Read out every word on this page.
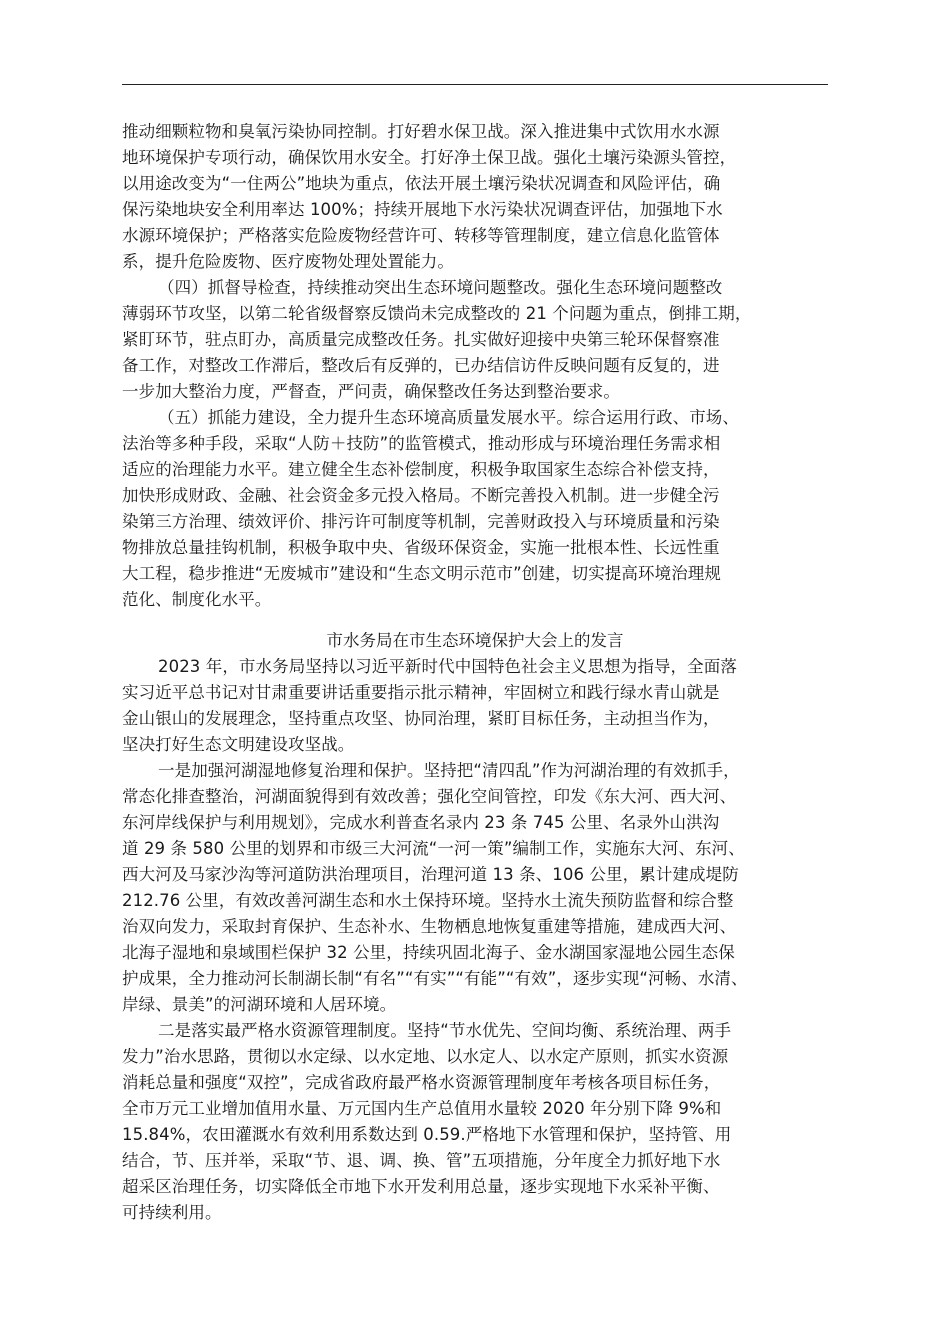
推动细颗粒物和臭氧污染协同控制。打好碧水保卫战。深入推进集中式饮用水水源
地环境保护专项行动，确保饮用水安全。打好净土保卫战。强化土壤污染源头管控，
以用途改变为“一住两公”地块为重点，依法开展土壤污染状况调查和风险评估，确
保污染地块安全利用率达 100%；持续开展地下水污染状况调查评估，加强地下水
水源环境保护；严格落实危险废物经营许可、转移等管理制度，建立信息化监管体
系，提升危险废物、医疗废物处理处置能力。
（四）抓督导检查，持续推动突出生态环境问题整改。强化生态环境问题整改
薄弱环节攻坚，以第二轮省级督察反馈尚未完成整改的 21 个问题为重点，倒排工期，
紧盯环节，驻点盯办，高质量完成整改任务。扎实做好迎接中央第三轮环保督察准
备工作，对整改工作滞后，整改后有反弹的，已办结信访件反映问题有反复的，进
一步加大整治力度，严督查，严问责，确保整改任务达到整治要求。
（五）抓能力建设，全力提升生态环境高质量发展水平。综合运用行政、市场、
法治等多种手段，采取“人防＋技防”的监管模式，推动形成与环境治理任务需求相
适应的治理能力水平。建立健全生态补偿制度，积极争取国家生态综合补偿支持，
加快形成财政、金融、社会资金多元投入格局。不断完善投入机制。进一步健全污
染第三方治理、绩效评价、排污许可制度等机制，完善财政投入与环境质量和污染
物排放总量挂钩机制，积极争取中央、省级环保资金，实施一批根本性、长远性重
大工程，稳步推进“无废城市”建设和“生态文明示范市”创建，切实提高环境治理规
范化、制度化水平。
市水务局在市生态环境保护大会上的发言
2023 年，市水务局坚持以习近平新时代中国特色社会主义思想为指导，全面落
实习近平总书记对甘肃重要讲话重要指示批示精神，牢固树立和践行绿水青山就是
金山银山的发展理念，坚持重点攻坚、协同治理，紧盯目标任务，主动担当作为，
坚决打好生态文明建设攻坚战。
一是加强河湖湿地修复治理和保护。坚持把“清四乱”作为河湖治理的有效抓手，
常态化排查整治，河湖面貌得到有效改善；强化空间管控，印发《东大河、西大河、
东河岸线保护与利用规划》，完成水利普查名录内 23 条 745 公里、名录外山洪沟
道 29 条 580 公里的划界和市级三大河流“一河一策”编制工作，实施东大河、东河、
西大河及马家沙沟等河道防洪治理项目，治理河道 13 条、106 公里，累计建成堤防
212.76 公里，有效改善河湖生态和水土保持环境。坚持水土流失预防监督和综合整
治双向发力，采取封育保护、生态补水、生物栖息地恢复重建等措施，建成西大河、
北海子湿地和泉域围栏保护 32 公里，持续巩固北海子、金水湖国家湿地公园生态保
护成果，全力推动河长制湖长制“有名”“有实”“有能”“有效”，逐步实现“河畅、水清、
岸绿、景美”的河湖环境和人居环境。
二是落实最严格水资源管理制度。坚持“节水优先、空间均衡、系统治理、两手
发力”治水思路，贯彻以水定绿、以水定地、以水定人、以水定产原则，抓实水资源
消耗总量和强度“双控”，完成省政府最严格水资源管理制度年考核各项目标任务，
全市万元工业增加值用水量、万元国内生产总值用水量较 2020 年分别下降 9%和
15.84%，农田灌溉水有效利用系数达到 0.59.严格地下水管理和保护，坚持管、用
结合，节、压并举，采取“节、退、调、换、管”五项措施，分年度全力抓好地下水
超采区治理任务，切实降低全市地下水开发利用总量，逐步实现地下水采补平衡、
可持续利用。
